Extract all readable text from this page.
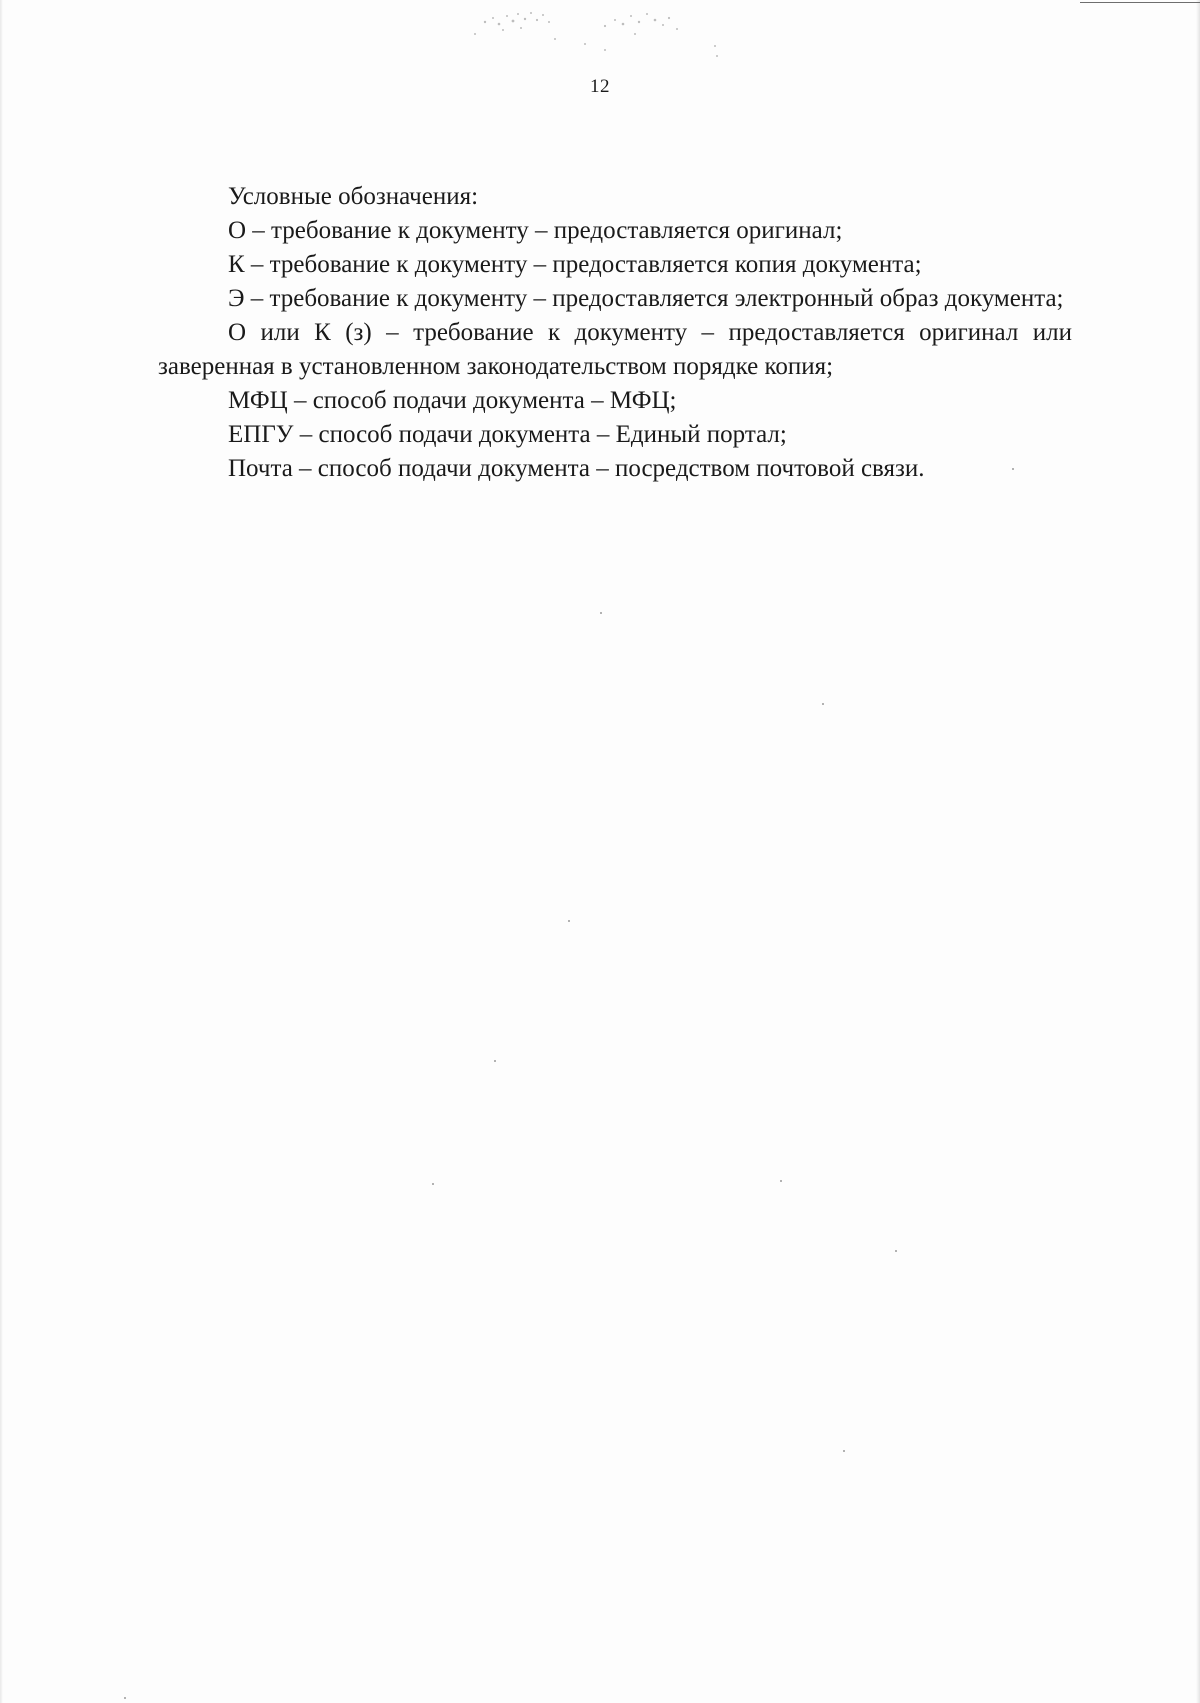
12

Условные обозначения:

О – требование к документу – предоставляется оригинал;

К – требование к документу – предоставляется копия документа;

Э – требование к документу – предоставляется электронный образ документа;

О или К (з) – требование к документу – предоставляется оригинал или заверенная в установленном законодательством порядке копия;

МФЦ – способ подачи документа – МФЦ;

ЕПГУ – способ подачи документа – Единый портал;

Почта – способ подачи документа – посредством почтовой связи.
